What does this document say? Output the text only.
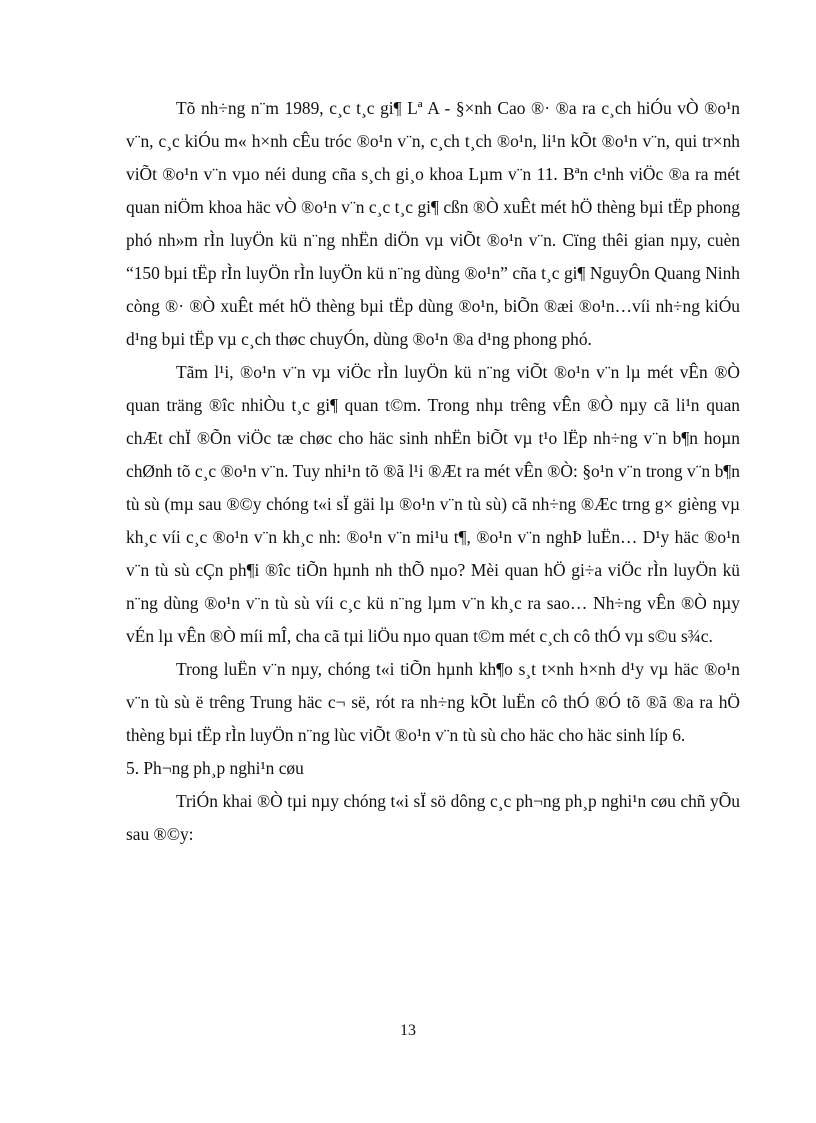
Tõ nh÷ng n¨m 1989, c¸c t¸c gi¶ Lª A - §×nh Cao ®· ®a ra c¸ch hiÓu vÒ ®o¹n v¨n, c¸c kiÓu m« h×nh cÊu tróc ®o¹n v¨n, c¸ch t¸ch ®o¹n, li¹n kÕt ®o¹n v¨n, qui tr×nh viÕt ®o¹n v¨n vµo néi dung cña s¸ch gi¸o khoa Lµm v¨n 11. Bªn c¹nh viÖc ®a ra mét quan niÖm khoa häc vÒ ®o¹n v¨n c¸c t¸c gi¶ cßn ®Ò xuÊt mét hÖ thèng bµi tËp phong phó nh»m rÌn luyÖn kü n¨ng nhËn diÖn vµ viÕt ®o¹n v¨n. Cïng thêi gian nµy, cuèn “150 bµi tËp rÌn luyÖn rÌn luyÖn kü n¨ng dùng ®o¹n” cña t¸c gi¶ NguyÔn Quang Ninh còng ®· ®Ò xuÊt mét hÖ thèng bµi tËp dùng ®o¹n, biÕn ®æi ®o¹n…víi nh÷ng kiÓu d¹ng bµi tËp vµ c¸ch thøc chuyÓn, dùng ®o¹n ®a d¹ng phong phó.

Tãm l¹i, ®o¹n v¨n vµ viÖc rÌn luyÖn kü n¨ng viÕt ®o¹n v¨n lµ mét vÊn ®Ò quan träng ®îc nhiÒu t¸c gi¶ quan t©m. Trong nhµ trêng vÊn ®Ò nµy cã li¹n quan chÆt chÏ ®Õn viÖc tæ chøc cho häc sinh nhËn biÕt vµ t¹o lËp nh÷ng v¨n b¶n hoµn chØnh tõ c¸c ®o¹n v¨n. Tuy nhi¹n tõ ®ã l¹i ®Æt ra mét vÊn ®Ò: §o¹n v¨n trong v¨n b¶n tù sù (mµ sau ®©y chóng t«i sÏ gäi lµ ®o¹n v¨n tù sù) cã nh÷ng ®Æc trng g× gièng vµ kh¸c víi c¸c ®o¹n v¨n kh¸c nh: ®o¹n v¨n mi¹u t¶, ®o¹n v¨n nghÞ luËn… D¹y häc ®o¹n v¨n tù sù cÇn ph¶i ®îc tiÕn hµnh nh thÕ nµo? Mèi quan hÖ gi÷a viÖc rÌn luyÖn kü n¨ng dùng ®o¹n v¨n tù sù víi c¸c kü n¨ng lµm v¨n kh¸c ra sao… Nh÷ng vÊn ®Ò nµy vÉn lµ vÊn ®Ò míi mÎ, cha cã tµi liÖu nµo quan t©m mét c¸ch cô thÓ vµ s©u s¾c.

Trong luËn v¨n nµy, chóng t«i tiÕn hµnh kh¶o s¸t t×nh h×nh d¹y vµ häc ®o¹n v¨n tù sù ë trêng Trung häc c¬ së, rót ra nh÷ng kÕt luËn cô thÓ ®Ó tõ ®ã ®a ra hÖ thèng bµi tËp rÌn luyÖn n¨ng lùc viÕt ®o¹n v¨n tù sù cho häc cho häc sinh líp 6.

5. Ph¬ng ph¸p nghi¹n cøu

TriÓn khai ®Ò tµi nµy chóng t«i sÏ sö dông c¸c ph¬ng ph¸p nghi¹n cøu chñ yÕu sau ®©y:

13
